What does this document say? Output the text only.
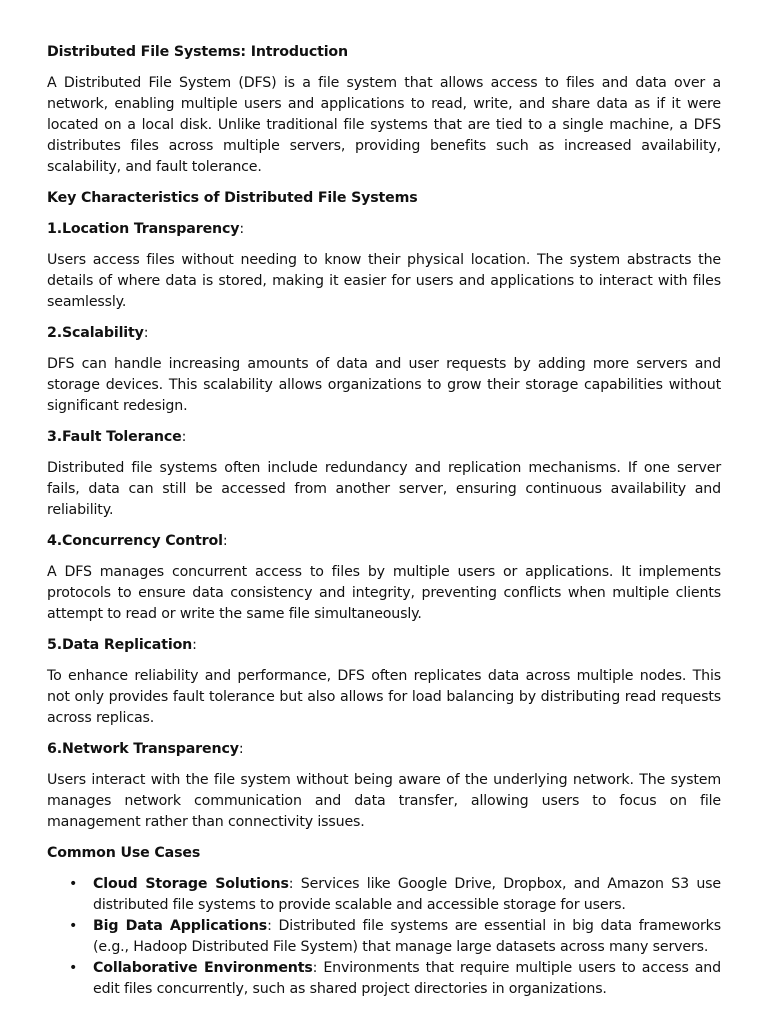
Distributed File Systems: Introduction

A Distributed File System (DFS) is a file system that allows access to files and data over a network, enabling multiple users and applications to read, write, and share data as if it were located on a local disk. Unlike traditional file systems that are tied to a single machine, a DFS distributes files across multiple servers, providing benefits such as increased availability, scalability, and fault tolerance.

Key Characteristics of Distributed File Systems

1.Location Transparency:

Users access files without needing to know their physical location. The system abstracts the details of where data is stored, making it easier for users and applications to interact with files seamlessly.

2.Scalability:

DFS can handle increasing amounts of data and user requests by adding more servers and storage devices. This scalability allows organizations to grow their storage capabilities without significant redesign.

3.Fault Tolerance:

Distributed file systems often include redundancy and replication mechanisms. If one server fails, data can still be accessed from another server, ensuring continuous availability and reliability.

4.Concurrency Control:

A DFS manages concurrent access to files by multiple users or applications. It implements protocols to ensure data consistency and integrity, preventing conflicts when multiple clients attempt to read or write the same file simultaneously.

5.Data Replication:

To enhance reliability and performance, DFS often replicates data across multiple nodes. This not only provides fault tolerance but also allows for load balancing by distributing read requests across replicas.

6.Network Transparency:

Users interact with the file system without being aware of the underlying network. The system manages network communication and data transfer, allowing users to focus on file management rather than connectivity issues.

Common Use Cases

• Cloud Storage Solutions: Services like Google Drive, Dropbox, and Amazon S3 use distributed file systems to provide scalable and accessible storage for users.
• Big Data Applications: Distributed file systems are essential in big data frameworks (e.g., Hadoop Distributed File System) that manage large datasets across many servers.
• Collaborative Environments: Environments that require multiple users to access and edit files concurrently, such as shared project directories in organizations.
